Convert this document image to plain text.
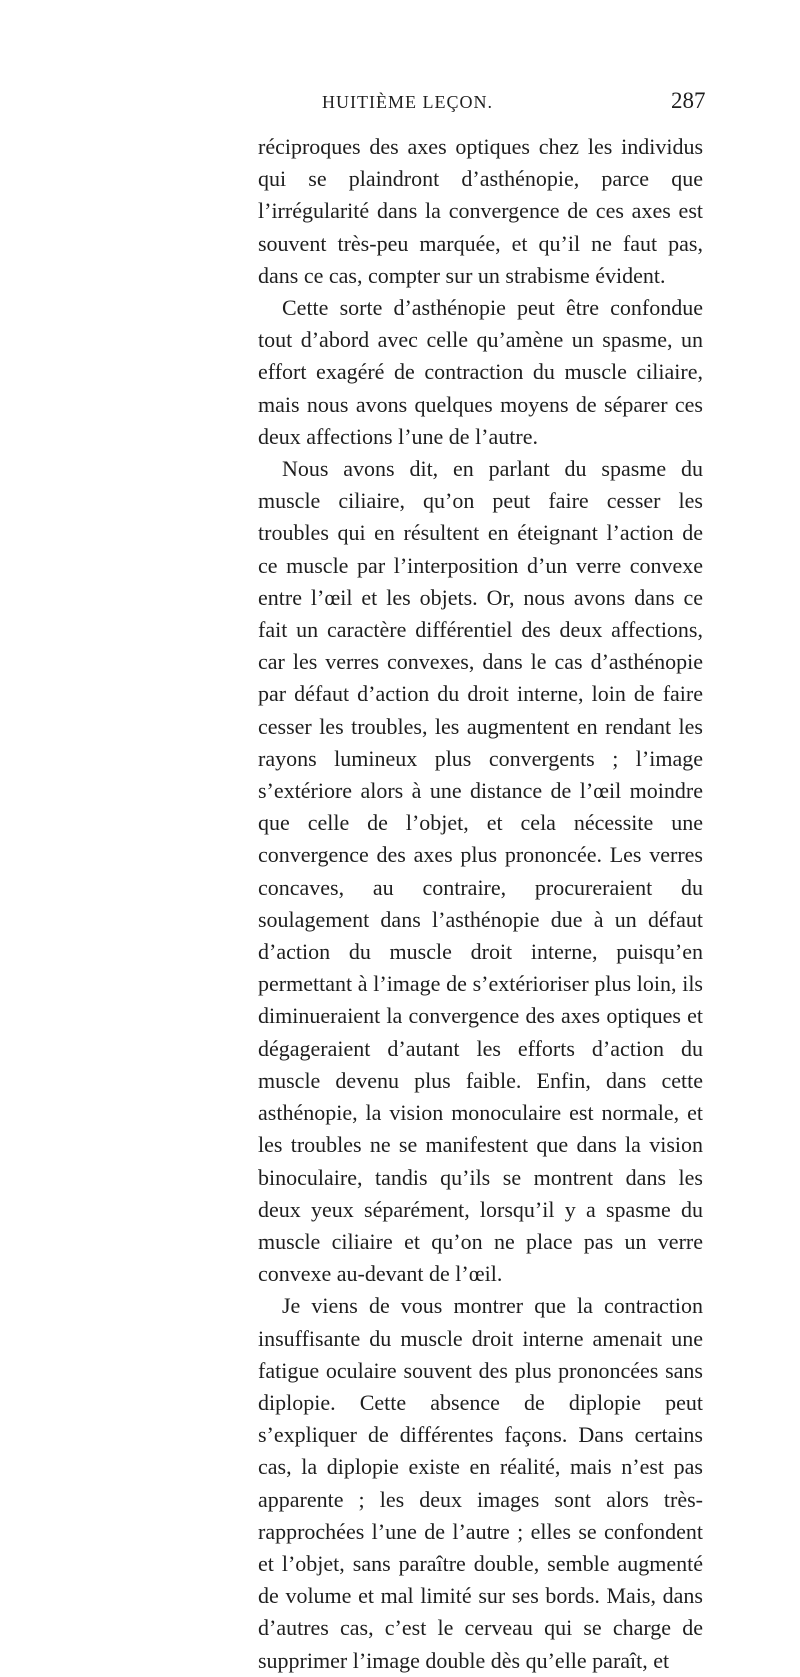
HUITIÈME LEÇON.	287

réciproques des axes optiques chez les individus qui se plaindront d’asthénopie, parce que l’irrégularité dans la convergence de ces axes est souvent très-peu marquée, et qu’il ne faut pas, dans ce cas, compter sur un strabisme évident.

Cette sorte d’asthénopie peut être confondue tout d’abord avec celle qu’amène un spasme, un effort exagéré de contraction du muscle ciliaire, mais nous avons quelques moyens de séparer ces deux affections l’une de l’autre.

Nous avons dit, en parlant du spasme du muscle ciliaire, qu’on peut faire cesser les troubles qui en résultent en éteignant l’action de ce muscle par l’interposition d’un verre convexe entre l’œil et les objets. Or, nous avons dans ce fait un caractère différentiel des deux affections, car les verres convexes, dans le cas d’asthénopie par défaut d’action du droit interne, loin de faire cesser les troubles, les augmentent en rendant les rayons lumineux plus convergents ; l’image s’extériore alors à une distance de l’œil moindre que celle de l’objet, et cela nécessite une convergence des axes plus prononcée. Les verres concaves, au contraire, procureraient du soulagement dans l’asthénopie due à un défaut d’action du muscle droit interne, puisqu’en permettant à l’image de s’extérioriser plus loin, ils diminueraient la convergence des axes optiques et dégageraient d’autant les efforts d’action du muscle devenu plus faible. Enfin, dans cette asthénopie, la vision monoculaire est normale, et les troubles ne se manifestent que dans la vision binoculaire, tandis qu’ils se montrent dans les deux yeux séparément, lorsqu’il y a spasme du muscle ciliaire et qu’on ne place pas un verre convexe au-devant de l’œil.

Je viens de vous montrer que la contraction insuffisante du muscle droit interne amenait une fatigue oculaire souvent des plus prononcées sans diplopie. Cette absence de diplopie peut s’expliquer de différentes façons. Dans certains cas, la diplopie existe en réalité, mais n’est pas apparente ; les deux images sont alors très-rapprochées l’une de l’autre ; elles se confondent et l’objet, sans paraître double, semble augmenté de volume et mal limité sur ses bords. Mais, dans d’autres cas, c’est le cerveau qui se charge de supprimer l’image double dès qu’elle paraît, et
